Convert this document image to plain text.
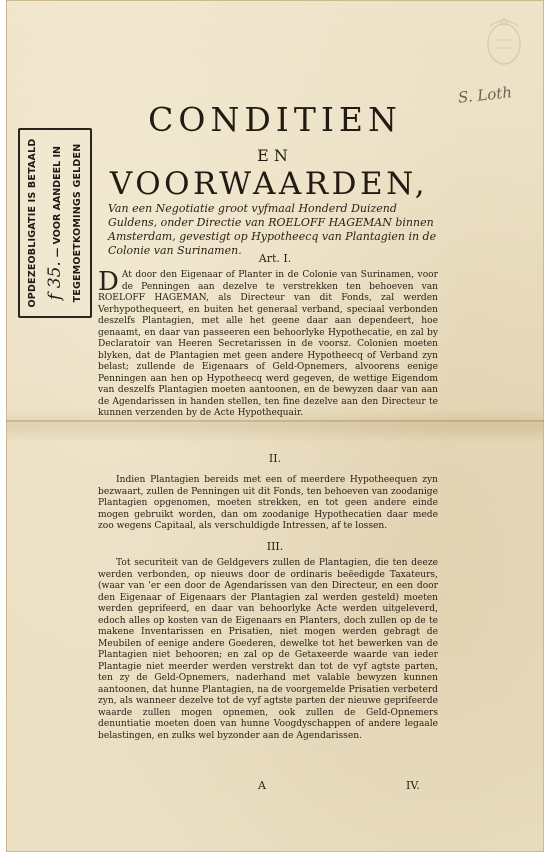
S. Loth
OPDEZEOBLIGATIE IS BETAALD f 35.— VOOR AANDEEL IN TEGEMOETKOMINGS GELDEN
CONDITIEN
EN
VOORWAARDEN,
Van een Negotiatie groot vyfmaal Honderd Duizend Guldens, onder Directie van ROELOFF HAGEMAN binnen Amsterdam, gevestigt op Hypotheecq van Plantagien in de Colonie van Surinamen.
Art. I.
D At door den Eigenaar of Planter in de Colonie van Surinamen, voor de Penningen aan dezelve te verstrekken ten behoeven van ROELOFF HAGEMAN, als Directeur van dit Fonds, zal werden Verhypothequeert, en buiten het generaal verband, speciaal verbonden deszelfs Plantagien, met alle het geene daar aan dependeert, hoe genaamt, en daar van passeeren een behoorlyke Hypothecatie, en zal by Declaratoir van Heeren Secretarissen in de voorsz. Colonien moeten blyken, dat de Plantagien met geen andere Hypotheecq of Verband zyn belast; zullende de Eigenaars of Geld-Opnemers, alvoorens eenige Penningen aan hen op Hypotheecq werd gegeven, de wettige Eigendom van deszelfs Plantagien moeten aantoonen, en de bewyzen daar van aan de Agendarissen in handen stellen, ten fine dezelve aan den Directeur te kunnen verzenden by de Acte Hypothequair.
II.
Indien Plantagien bereids met een of meerdere Hypotheequen zyn bezwaart, zullen de Penningen uit dit Fonds, ten behoeven van zoodanige Plantagien opgenomen, moeten strekken, en tot geen andere einde mogen gebruikt worden, dan om zoodanige Hypothecatien daar mede zoo wegens Capitaal, als verschuldigde Intressen, af te lossen.
III.
Tot securiteit van de Geldgevers zullen de Plantagien, die ten deeze werden verbonden, op nieuws door de ordinaris beëedigde Taxateurs, (waar van 'er een door de Agendarissen van den Directeur, en een door den Eigenaar of Eigenaars der Plantagien zal werden gesteld) moeten werden geprifeerd, en daar van behoorlyke Acte werden uitgeleverd, edoch alles op kosten van de Eigenaars en Planters, doch zullen op de te makene Inventarissen en Prisatien, niet mogen werden gebragt de Meubilen of eenige andere Goederen, dewelke tot het bewerken van de Plantagien niet behooren; en zal op de Getaxeerde waarde van ieder Plantagie niet meerder werden verstrekt dan tot de vyf agtste parten, ten zy de Geld-Opnemers, naderhand met valable bewyzen kunnen aantoonen, dat hunne Plantagien, na de voorgemelde Prisatien verbeterd zyn, als wanneer dezelve tot de vyf agtste parten der nieuwe geprifeerde waarde zullen mogen opnemen, ook zullen de Geld-Opnemers denuntiatie moeten doen van hunne Voogdyschappen of andere legaale belastingen, en zulks wel byzonder aan de Agendarissen.
A	IV.
